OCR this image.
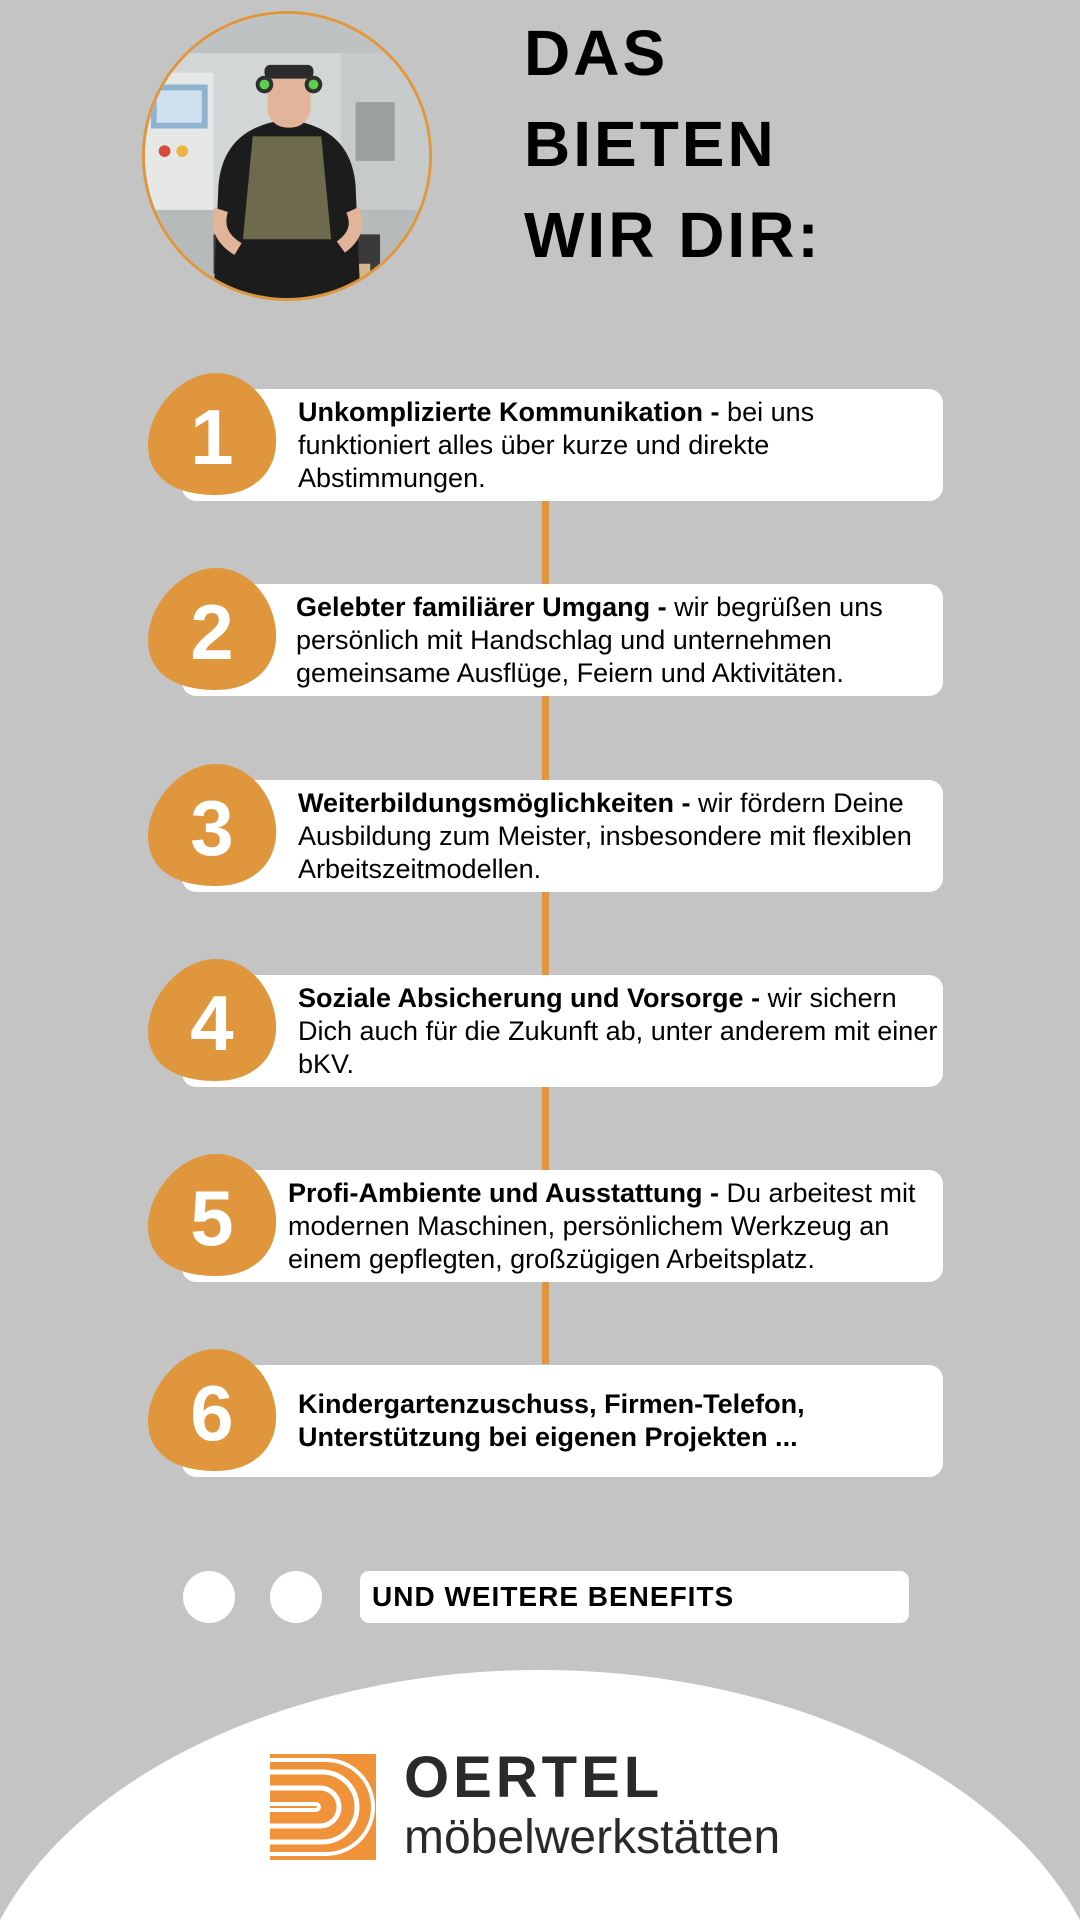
DAS
BIETEN
WIR DIR:
1	Unkomplizierte Kommunikation - bei uns funktioniert alles über kurze und direkte Abstimmungen.

2	Gelebter familiärer Umgang - wir begrüßen uns persönlich mit Handschlag und unternehmen gemeinsame Ausflüge, Feiern und Aktivitäten.

3	Weiterbildungsmöglichkeiten - wir fördern Deine Ausbildung zum Meister, insbesondere mit flexiblen Arbeitszeitmodellen.

4	Soziale Absicherung und Vorsorge - wir sichern Dich auch für die Zukunft ab, unter anderem mit einer bKV.

5	Profi-Ambiente und Ausstattung - Du arbeitest mit modernen Maschinen, persönlichem Werkzeug an einem gepflegten, großzügigen Arbeitsplatz.

6	Kindergartenzuschuss, Firmen-Telefon, Unterstützung bei eigenen Projekten ...

UND WEITERE BENEFITS
OERTEL
möbelwerkstätten
